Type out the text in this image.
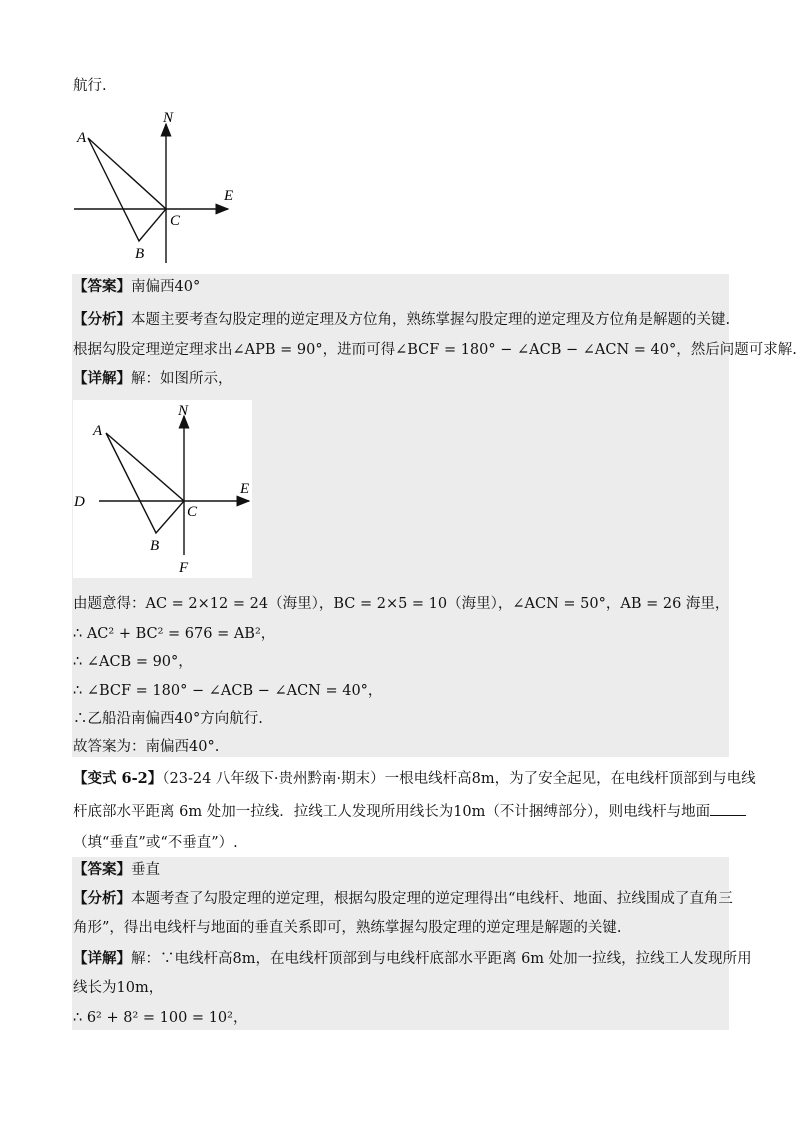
航行.
A
N
E
C
B
【答案】南偏西40°
【分析】本题主要考查勾股定理的逆定理及方位角，熟练掌握勾股定理的逆定理及方位角是解题的关键.
根据勾股定理逆定理求出∠APB = 90°，进而可得∠BCF = 180° − ∠ACB − ∠ACN = 40°，然后问题可求解.
【详解】解：如图所示，
A
N
D
E
C
B
F
由题意得：AC = 2×12 = 24（海里），BC = 2×5 = 10（海里），∠ACN = 50°，AB = 26 海里，
∴ AC² + BC² = 676 = AB²，
∴ ∠ACB = 90°，
∴ ∠BCF = 180° − ∠ACB − ∠ACN = 40°，
∴乙船沿南偏西40°方向航行.
故答案为：南偏西40°.
【变式 6-2】（23-24 八年级下·贵州黔南·期末）一根电线杆高8m，为了安全起见，在电线杆顶部到与电线
杆底部水平距离 6m 处加一拉线．拉线工人发现所用线长为10m（不计捆缚部分），则电线杆与地面
（填“垂直”或“不垂直”）.
【答案】垂直
【分析】本题考查了勾股定理的逆定理，根据勾股定理的逆定理得出“电线杆、地面、拉线围成了直角三
角形”，得出电线杆与地面的垂直关系即可，熟练掌握勾股定理的逆定理是解题的关键.
【详解】解：∵电线杆高8m，在电线杆顶部到与电线杆底部水平距离 6m 处加一拉线，拉线工人发现所用
线长为10m，
∴ 6² + 8² = 100 = 10²，
